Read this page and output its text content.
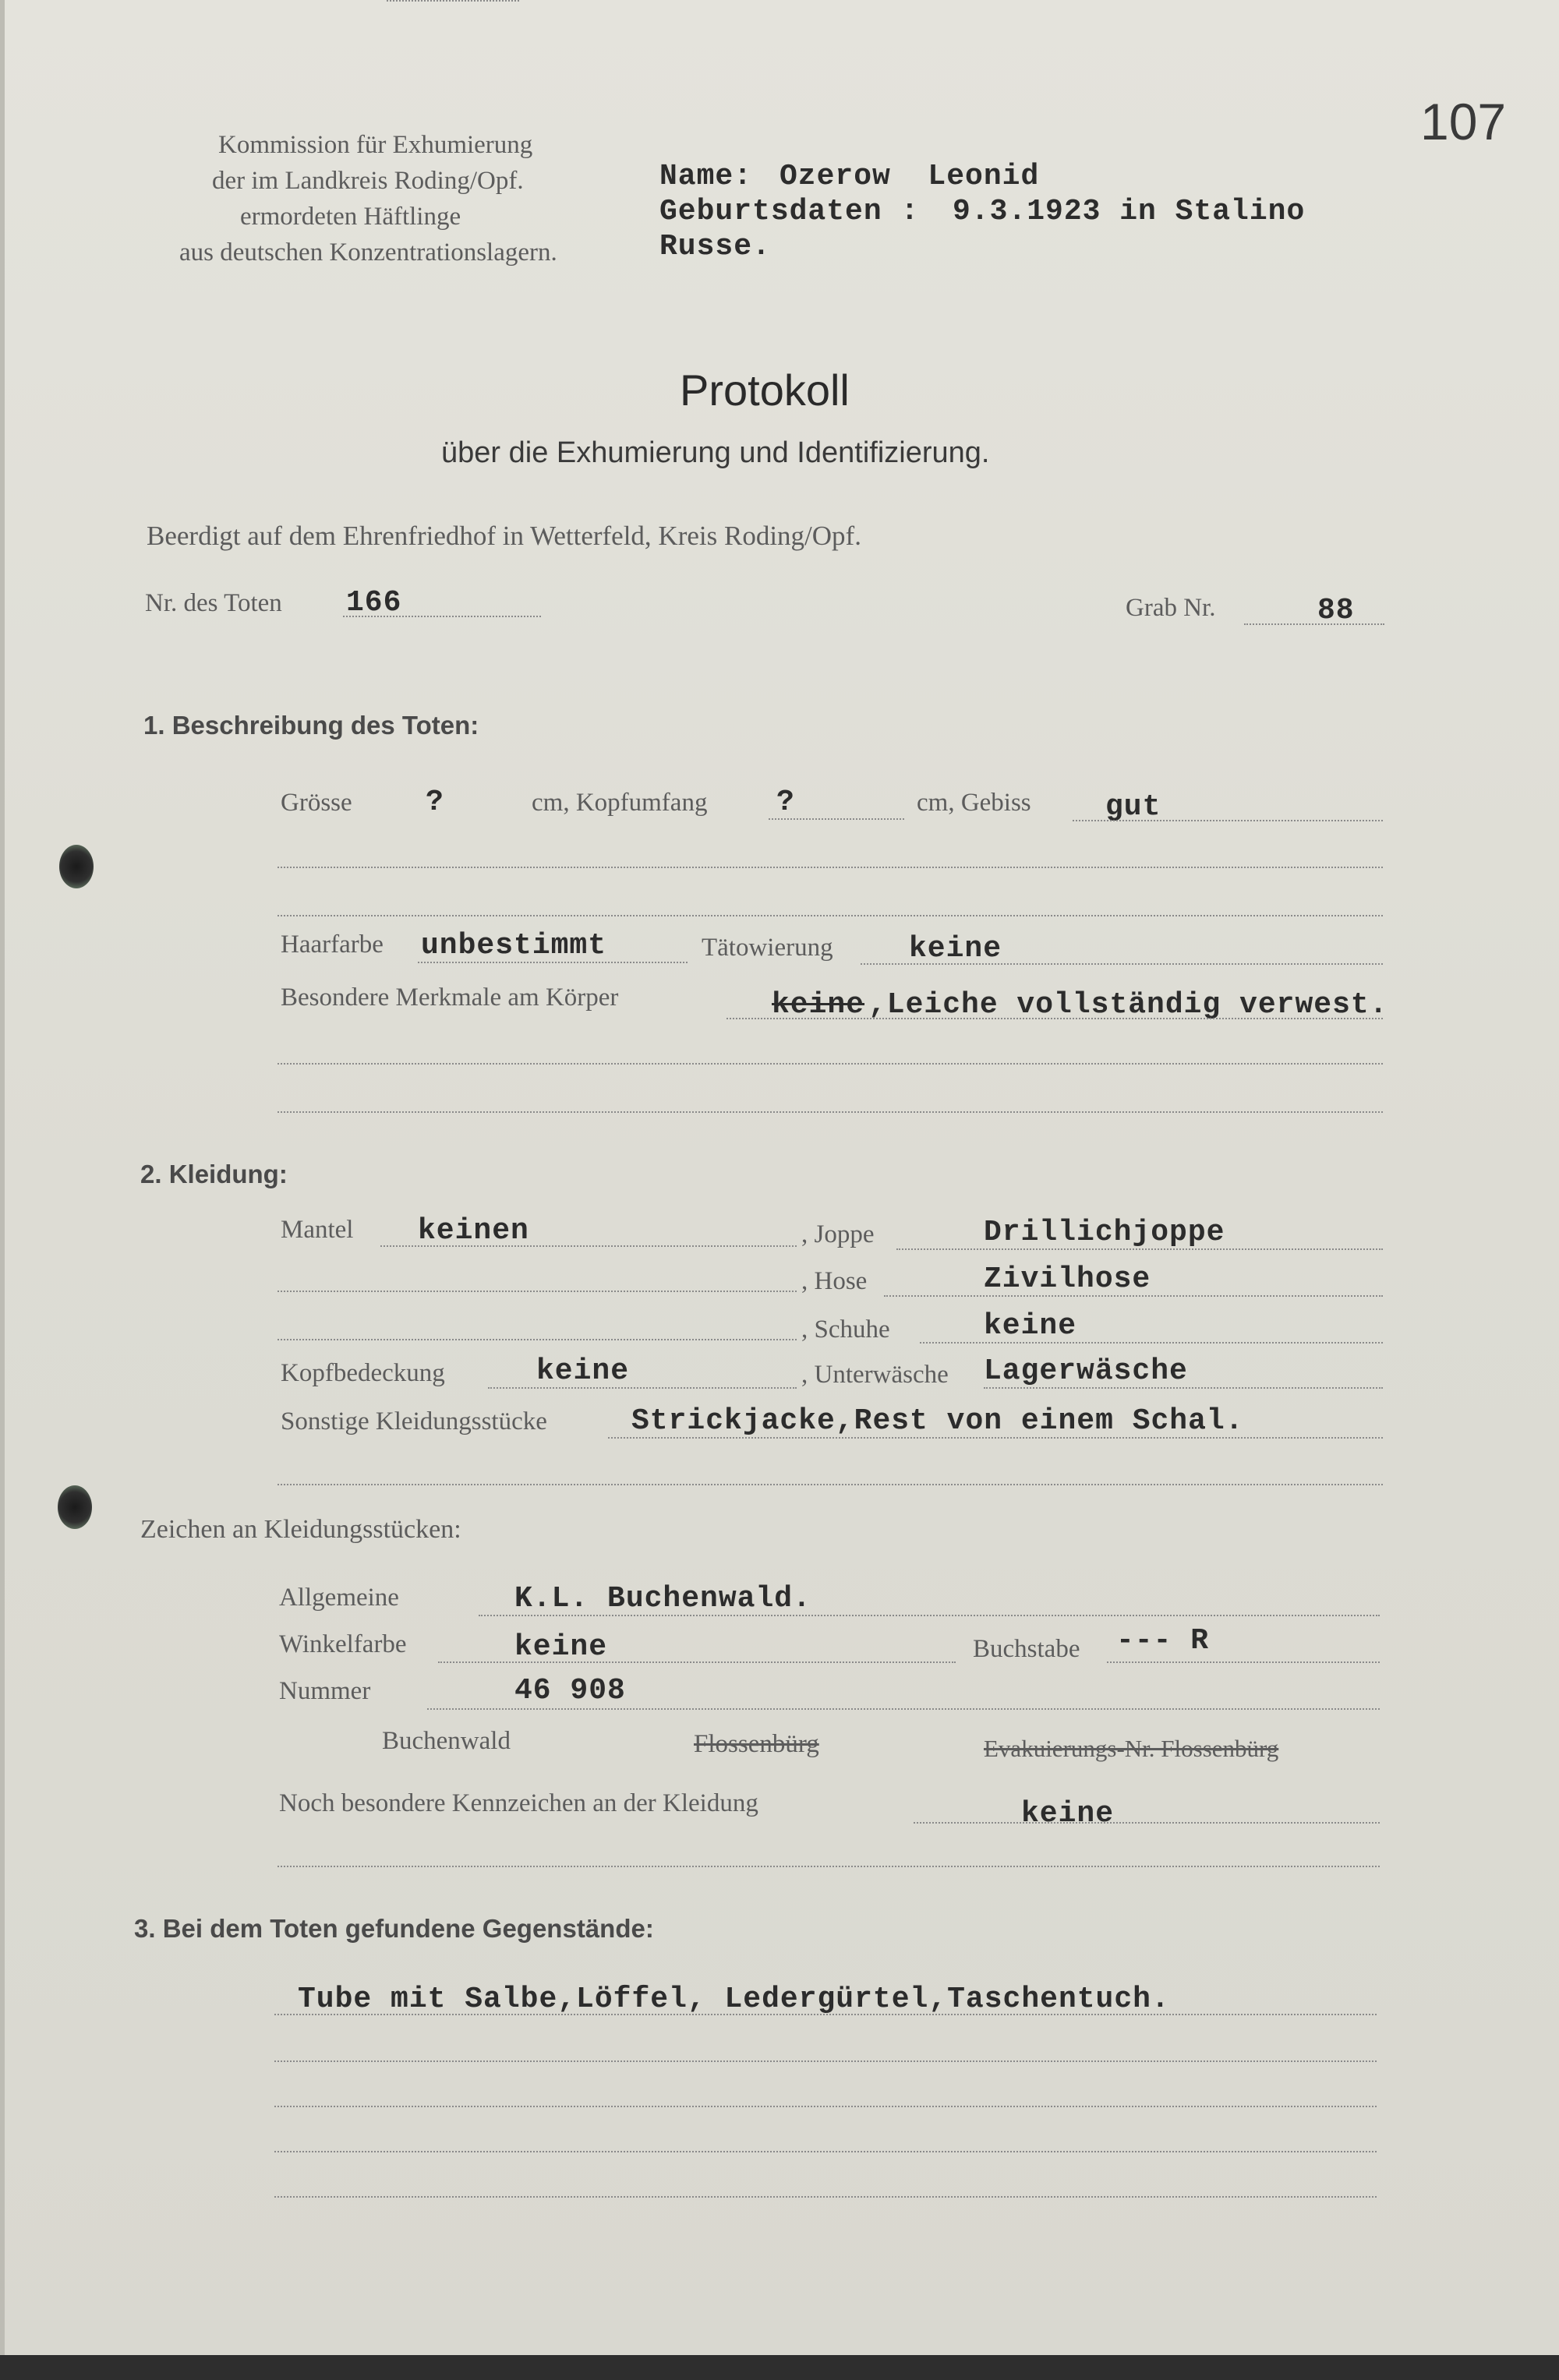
107
Kommission für Exhumierung
der im Landkreis Roding/Opf.
ermordeten Häftlinge
aus deutschen Konzentrationslagern.
Name: Ozerow  Leonid
Geburtsdaten : 9.3.1923 in Stalino
Russe.
Protokoll
über die Exhumierung und Identifizierung.
Beerdigt auf dem Ehrenfriedhof in Wetterfeld, Kreis Roding/Opf.
Nr. des Toten 166	Grab Nr.	88
1. Beschreibung des Toten:
Grösse ?	cm, Kopfumfang ?	cm, Gebiss	gut
Haarfarbe unbestimmt	Tätowierung	keine
Besondere Merkmale am Körper	keine ,Leiche vollständig verwest.
2. Kleidung:
Mantel keinen	, Joppe	Drillichjoppe
, Hose	Zivilhose
, Schuhe	keine
Kopfbedeckung	keine	, Unterwäsche Lagerwäsche
Sonstige Kleidungsstücke	Strickjacke,Rest von einem Schal.
Zeichen an Kleidungsstücken:
Allgemeine	K.L. Buchenwald.
Winkelfarbe	keine	Buchstabe --- R
Nummer	46 908
Buchenwald	Flossenbürg	Evakuierungs-Nr. Flossenbürg
Noch besondere Kennzeichen an der Kleidung	keine
3. Bei dem Toten gefundene Gegenstände:
Tube mit Salbe,Löffel, Ledergürtel,Taschentuch.
